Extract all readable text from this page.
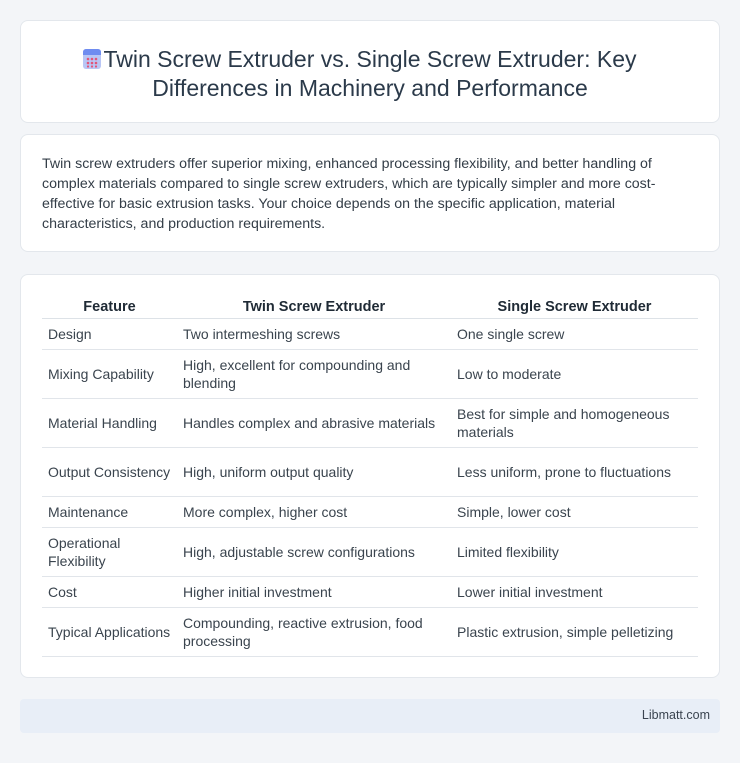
Twin Screw Extruder vs. Single Screw Extruder: Key Differences in Machinery and Performance

Twin screw extruders offer superior mixing, enhanced processing flexibility, and better handling of complex materials compared to single screw extruders, which are typically simpler and more cost-effective for basic extrusion tasks. Your choice depends on the specific application, material characteristics, and production requirements.

Feature	Twin Screw Extruder	Single Screw Extruder
Design	Two intermeshing screws	One single screw
Mixing Capability	High, excellent for compounding and blending	Low to moderate
Material Handling	Handles complex and abrasive materials	Best for simple and homogeneous materials
Output Consistency	High, uniform output quality	Less uniform, prone to fluctuations
Maintenance	More complex, higher cost	Simple, lower cost
Operational Flexibility	High, adjustable screw configurations	Limited flexibility
Cost	Higher initial investment	Lower initial investment
Typical Applications	Compounding, reactive extrusion, food processing	Plastic extrusion, simple pelletizing
Libmatt.com
